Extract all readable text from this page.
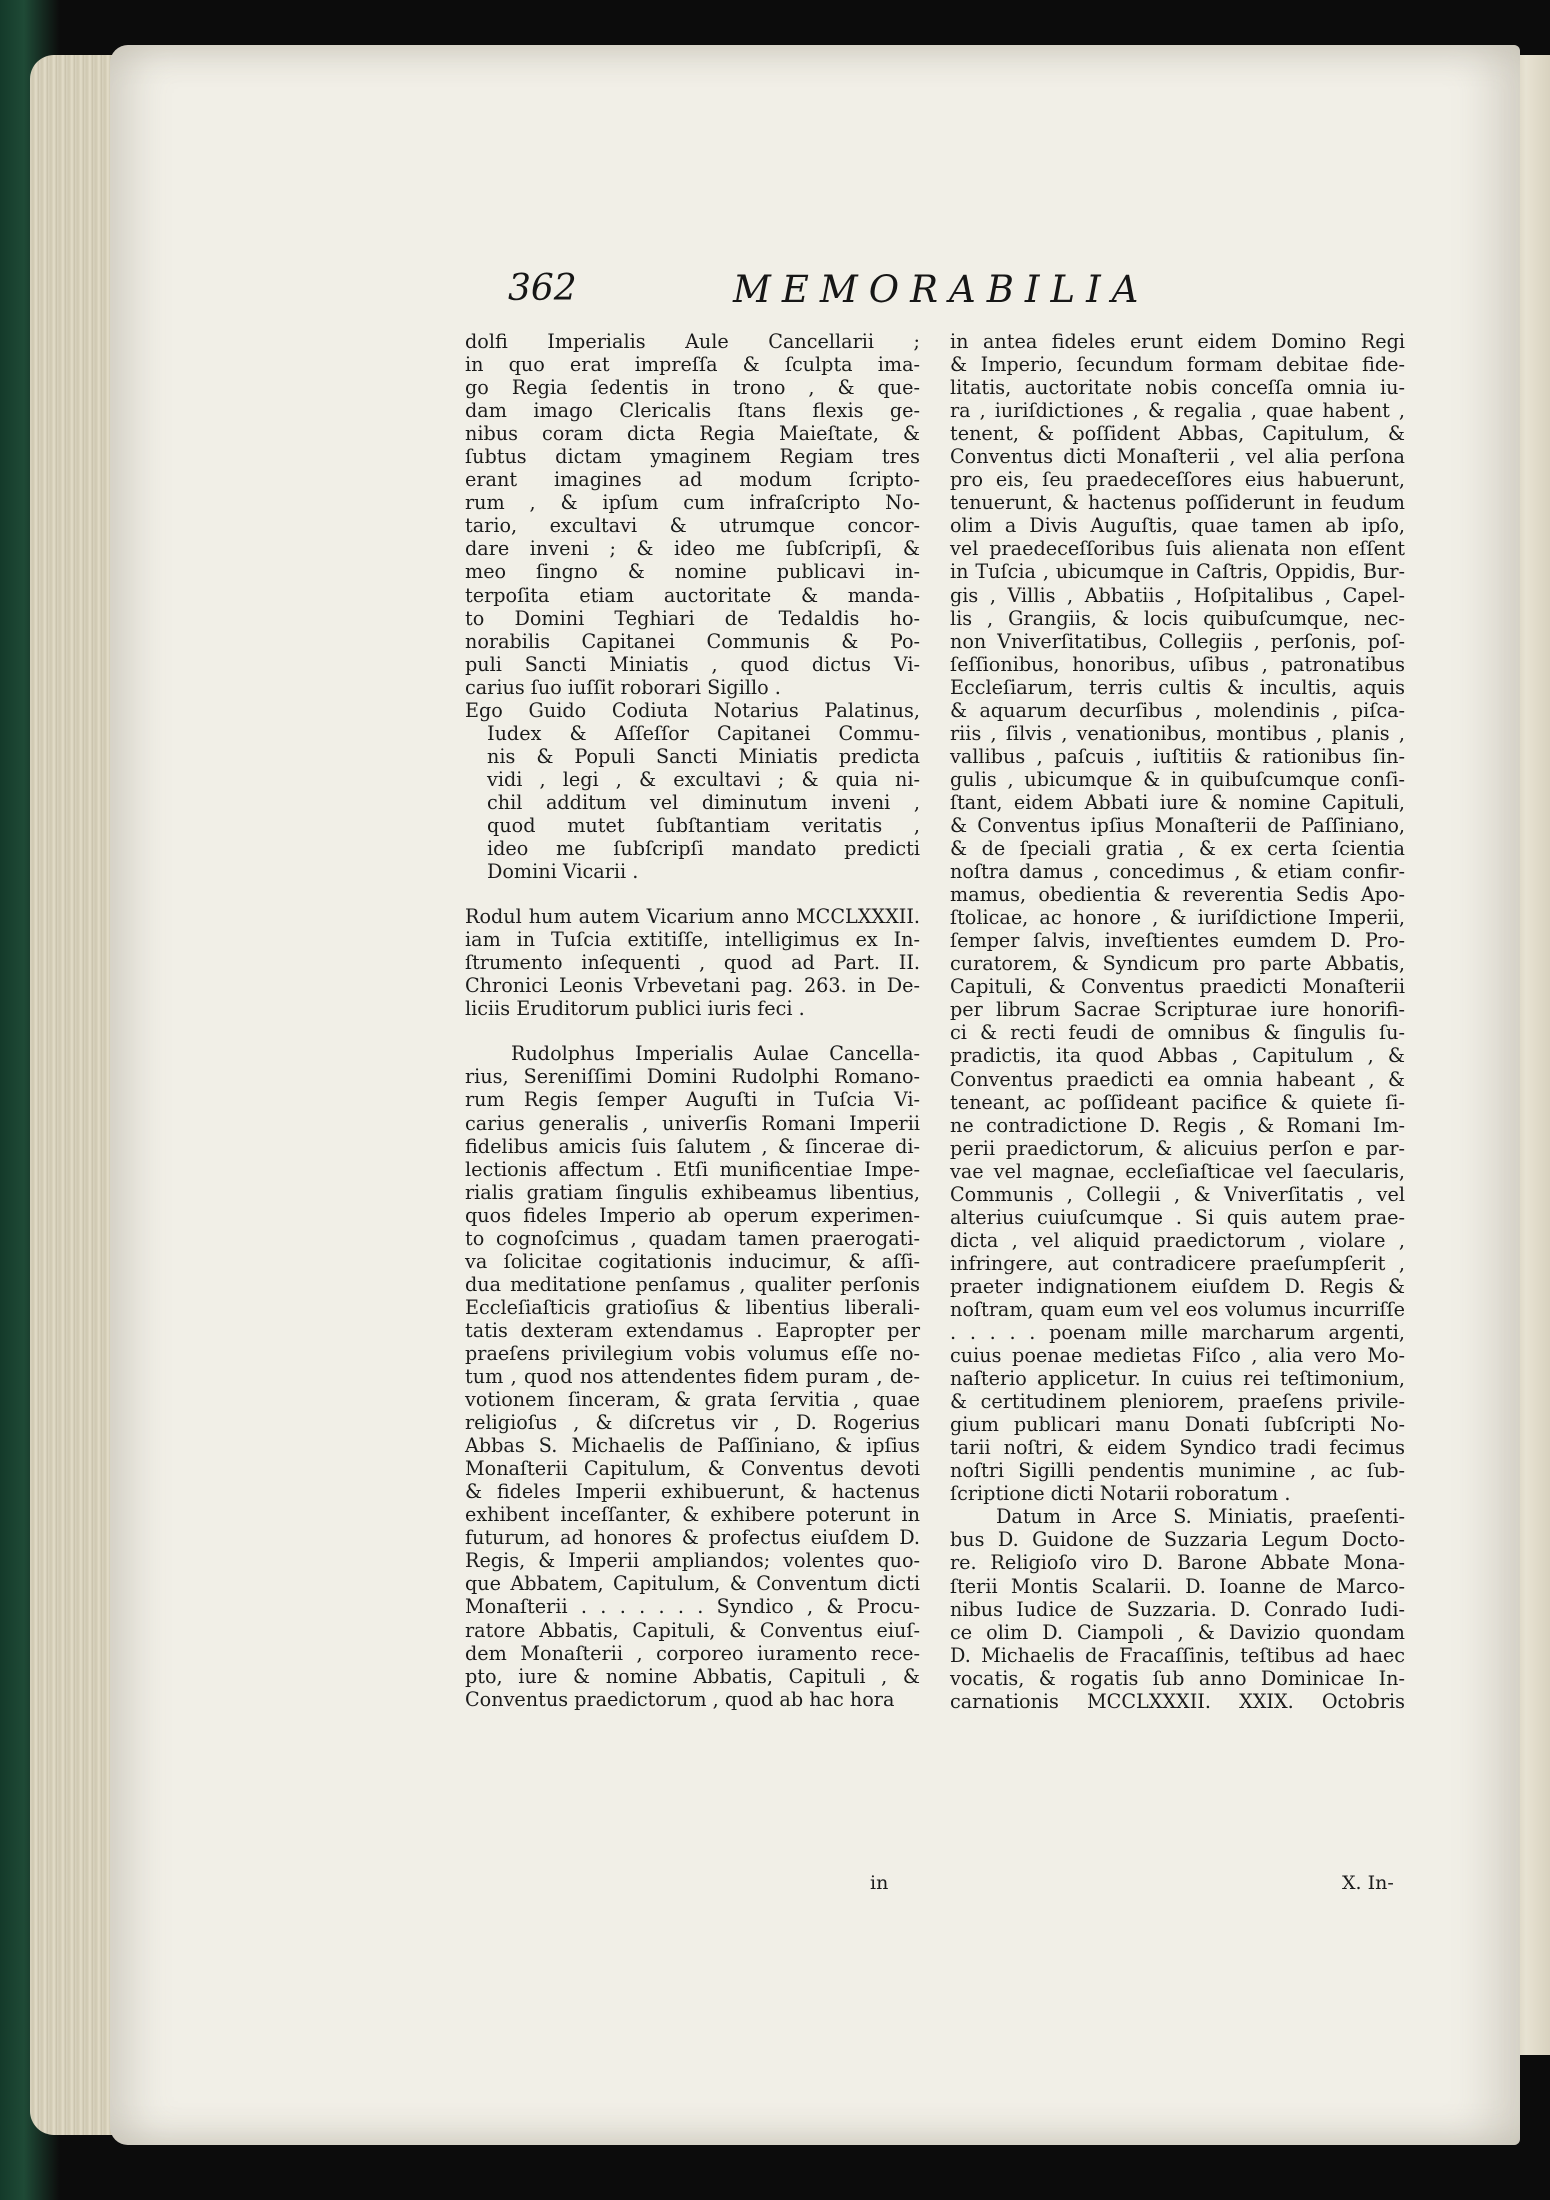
362	MEMORABILIA
dolfi Imperialis Aule Cancellarii ;
in quo erat impreſſa & ſculpta ima-
go Regia ſedentis in trono , & que-
dam imago Clericalis ſtans flexis ge-
nibus coram dicta Regia Maieſtate, &
ſubtus dictam ymaginem Regiam tres
erant imagines ad modum ſcripto-
rum , & ipſum cum infraſcripto No-
tario, excultavi & utrumque concor-
dare inveni ; & ideo me ſubſcripſi, &
meo ſingno & nomine publicavi in-
terpoſita etiam auctoritate & manda-
to Domini Teghiari de Tedaldis ho-
norabilis Capitanei Communis & Po-
puli Sancti Miniatis , quod dictus Vi-
carius ſuo iuſſit roborari Sigillo .
Ego Guido Codiuta Notarius Palatinus,
Iudex & Aſſeſſor Capitanei Commu-
nis & Populi Sancti Miniatis predicta
vidi , legi , & excultavi ; & quia ni-
chil additum vel diminutum inveni ,
quod mutet ſubſtantiam veritatis ,
ideo me ſubſcripſi mandato predicti
Domini Vicarii .
Rodul hum autem Vicarium anno MCCLXXXII.
iam in Tuſcia extitiſſe, intelligimus ex In-
ſtrumento inſequenti , quod ad Part. II.
Chronici Leonis Vrbevetani pag. 263. in De-
liciis Eruditorum publici iuris feci .
Rudolphus Imperialis Aulae Cancella-
rius, Sereniſſimi Domini Rudolphi Romano-
rum Regis ſemper Auguſti in Tuſcia Vi-
carius generalis , univerſis Romani Imperii
fidelibus amicis ſuis ſalutem , & ſincerae di-
lectionis affectum . Etſi munificentiae Impe-
rialis gratiam ſingulis exhibeamus libentius,
quos fideles Imperio ab operum experimen-
to cognoſcimus , quadam tamen praerogati-
va ſolicitae cogitationis inducimur, & aſſi-
dua meditatione penſamus , qualiter perſonis
Eccleſiaſticis gratioſius & libentius liberali-
tatis dexteram extendamus . Eapropter per
praeſens privilegium vobis volumus eſſe no-
tum , quod nos attendentes fidem puram , de-
votionem ſinceram, & grata ſervitia , quae
religioſus , & diſcretus vir , D. Rogerius
Abbas S. Michaelis de Paſſiniano, & ipſius
Monaſterii Capitulum, & Conventus devoti
& fideles Imperii exhibuerunt, & hactenus
exhibent inceſſanter, & exhibere poterunt in
futurum, ad honores & profectus eiuſdem D.
Regis, & Imperii ampliandos; volentes quo-
que Abbatem, Capitulum, & Conventum dicti
Monaſterii . . . . . . . Syndico , & Procu-
ratore Abbatis, Capituli, & Conventus eiuſ-
dem Monaſterii , corporeo iuramento rece-
pto, iure & nomine Abbatis, Capituli , &
Conventus praedictorum , quod ab hac hora
in antea fideles erunt eidem Domino Regi
& Imperio, ſecundum formam debitae fide-
litatis, auctoritate nobis conceſſa omnia iu-
ra , iuriſdictiones , & regalia , quae habent ,
tenent, & poſſident Abbas, Capitulum, &
Conventus dicti Monaſterii , vel alia perſona
pro eis, ſeu praedeceſſores eius habuerunt,
tenuerunt, & hactenus poſſiderunt in feudum
olim a Divis Auguſtis, quae tamen ab ipſo,
vel praedeceſſoribus ſuis alienata non eſſent
in Tuſcia , ubicumque in Caſtris, Oppidis, Bur-
gis , Villis , Abbatiis , Hoſpitalibus , Capel-
lis , Grangiis, & locis quibuſcumque, nec-
non Vniverſitatibus, Collegiis , perſonis, poſ-
ſeſſionibus, honoribus, uſibus , patronatibus
Eccleſiarum, terris cultis & incultis, aquis
& aquarum decurſibus , molendinis , piſca-
riis , ſilvis , venationibus, montibus , planis ,
vallibus , paſcuis , iuſtitiis & rationibus ſin-
gulis , ubicumque & in quibuſcumque conſi-
ſtant, eidem Abbati iure & nomine Capituli,
& Conventus ipſius Monaſterii de Paſſiniano,
& de ſpeciali gratia , & ex certa ſcientia
noſtra damus , concedimus , & etiam confir-
mamus, obedientia & reverentia Sedis Apo-
ſtolicae, ac honore , & iuriſdictione Imperii,
ſemper ſalvis, inveſtientes eumdem D. Pro-
curatorem, & Syndicum pro parte Abbatis,
Capituli, & Conventus praedicti Monaſterii
per librum Sacrae Scripturae iure honorifi-
ci & recti feudi de omnibus & ſingulis ſu-
pradictis, ita quod Abbas , Capitulum , &
Conventus praedicti ea omnia habeant , &
teneant, ac poſſideant pacifice & quiete ſi-
ne contradictione D. Regis , & Romani Im-
perii praedictorum, & alicuius perſon e par-
vae vel magnae, eccleſiaſticae vel ſaecularis,
Communis , Collegii , & Vniverſitatis , vel
alterius cuiuſcumque . Si quis autem prae-
dicta , vel aliquid praedictorum , violare ,
infringere, aut contradicere praeſumpſerit ,
praeter indignationem eiuſdem D. Regis &
noſtram, quam eum vel eos volumus incurriſſe
. . . . . poenam mille marcharum argenti,
cuius poenae medietas Fiſco , alia vero Mo-
naſterio applicetur. In cuius rei teſtimonium,
& certitudinem pleniorem, praeſens privile-
gium publicari manu Donati ſubſcripti No-
tarii noſtri, & eidem Syndico tradi fecimus
noſtri Sigilli pendentis munimine , ac ſub-
ſcriptione dicti Notarii roboratum .
Datum in Arce S. Miniatis, praeſenti-
bus D. Guidone de Suzzaria Legum Docto-
re. Religioſo viro D. Barone Abbate Mona-
ſterii Montis Scalarii. D. Ioanne de Marco-
nibus Iudice de Suzzaria. D. Conrado Iudi-
ce olim D. Ciampoli , & Davizio quondam
D. Michaelis de Fracaſſinis, teſtibus ad haec
vocatis, & rogatis ſub anno Dominicae In-
carnationis MCCLXXXII. XXIX. Octobris
in	X. In-
